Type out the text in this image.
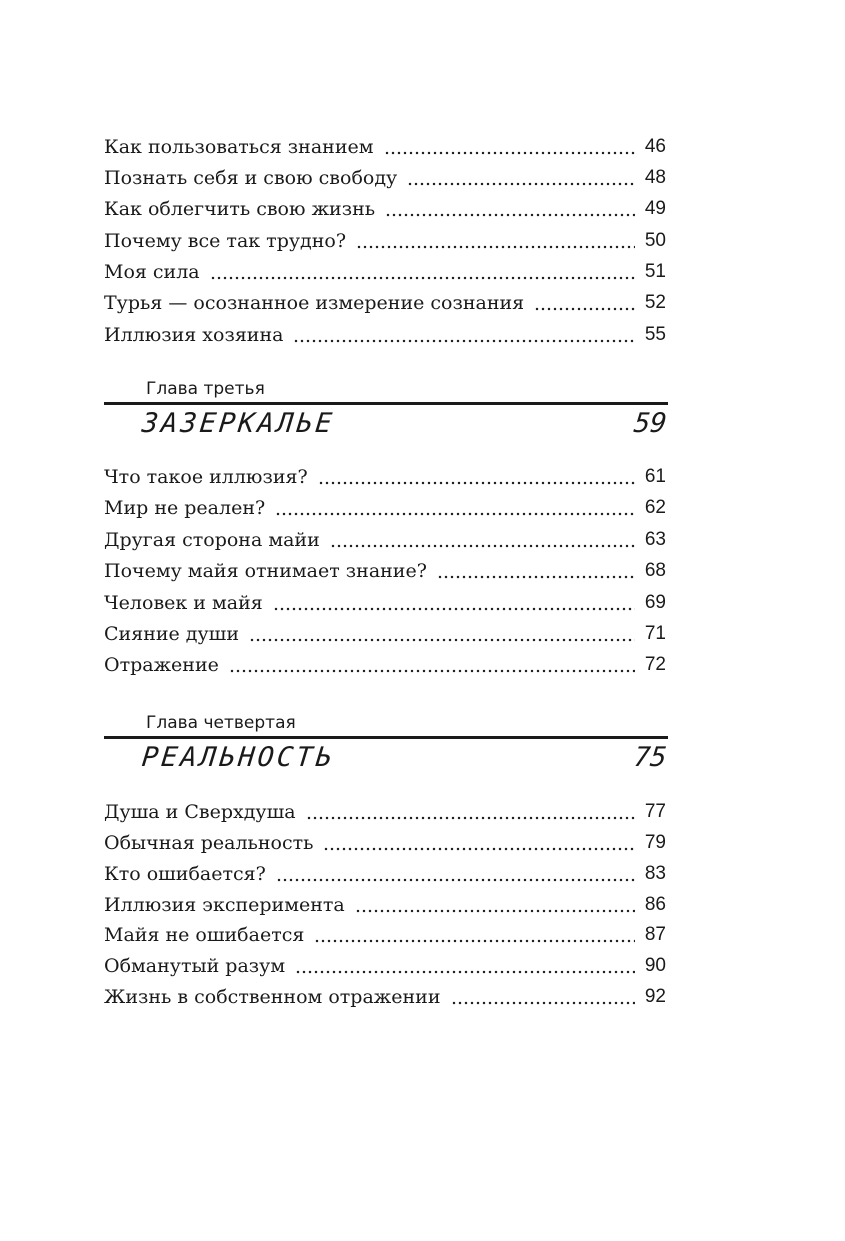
Как пользоваться знанием	46
Познать себя и свою свободу	48
Как облегчить свою жизнь	49
Почему все так трудно?	50
Моя сила	51
Турья — осознанное измерение сознания	52
Иллюзия хозяина	55
Глава третья
ЗАЗЕРКАЛЬЕ	59
Что такое иллюзия?	61
Мир не реален?	62
Другая сторона майи	63
Почему майя отнимает знание?	68
Человек и майя	69
Сияние души	71
Отражение	72
Глава четвертая
РЕАЛЬНОСТЬ	75
Душа и Сверхдуша	77
Обычная реальность	79
Кто ошибается?	83
Иллюзия эксперимента	86
Майя не ошибается	87
Обманутый разум	90
Жизнь в собственном отражении	92
